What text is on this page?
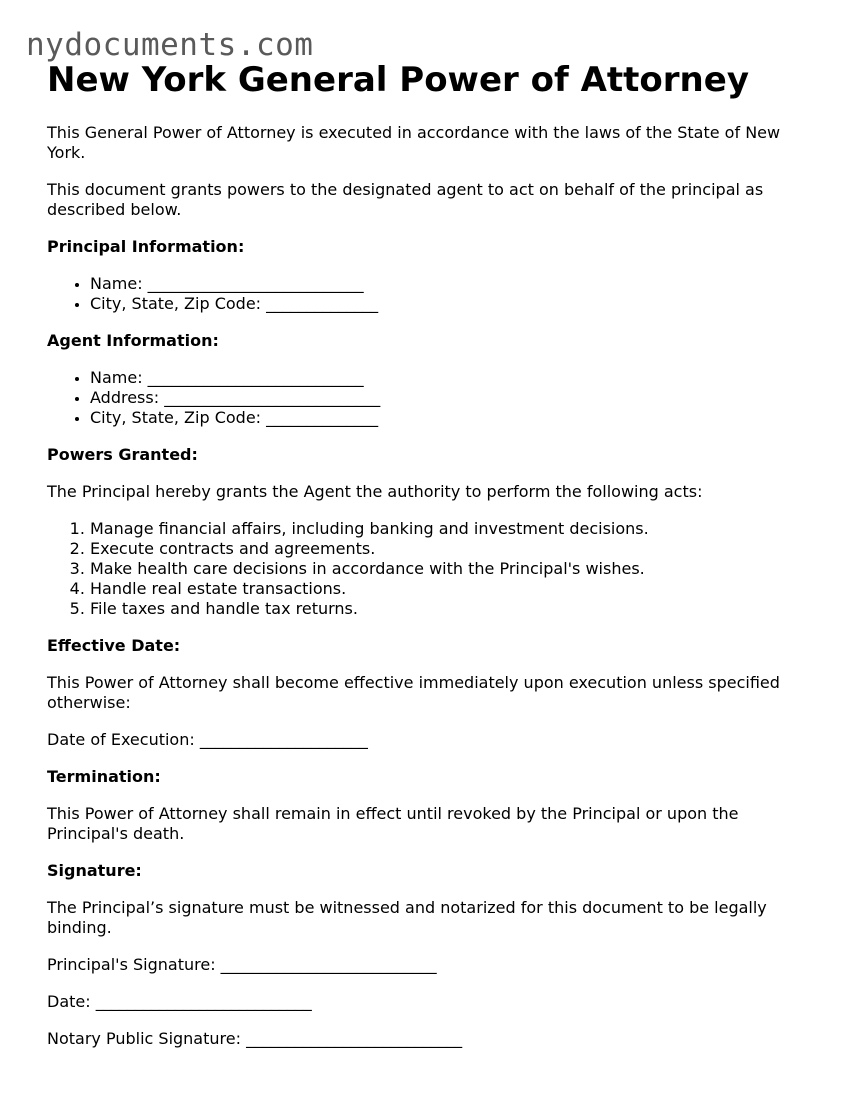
nydocuments.com
New York General Power of Attorney

This General Power of Attorney is executed in accordance with the laws of the State of New York.

This document grants powers to the designated agent to act on behalf of the principal as described below.

Principal Information:
• Name: ___________________________
• City, State, Zip Code: ______________
Agent Information:
• Name: ___________________________
• Address: ___________________________
• City, State, Zip Code: ______________
Powers Granted:

The Principal hereby grants the Agent the authority to perform the following acts:

1. Manage financial affairs, including banking and investment decisions.
2. Execute contracts and agreements.
3. Make health care decisions in accordance with the Principal's wishes.
4. Handle real estate transactions.
5. File taxes and handle tax returns.
Effective Date:

This Power of Attorney shall become effective immediately upon execution unless specified otherwise:

Date of Execution: _____________________

Termination:

This Power of Attorney shall remain in effect until revoked by the Principal or upon the Principal's death.

Signature:

The Principal’s signature must be witnessed and notarized for this document to be legally binding.

Principal's Signature: ___________________________

Date: ___________________________

Notary Public Signature: ___________________________
